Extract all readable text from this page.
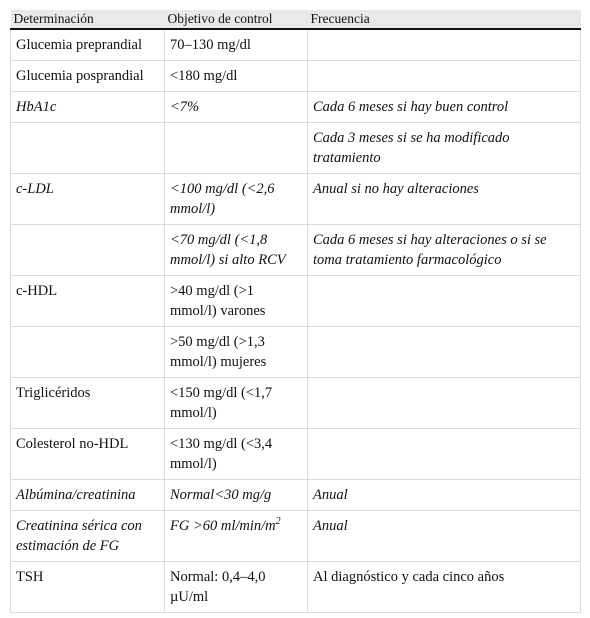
Determinación	Objetivo de control	Frecuencia
Glucemia preprandial	70–130 mg/dl	
Glucemia posprandial	<180 mg/dl	
HbA1c	<7%	Cada 6 meses si hay buen control
		Cada 3 meses si se ha modificado tratamiento
c-LDL	<100 mg/dl (<2,6 mmol/l)	Anual si no hay alteraciones
	<70 mg/dl (<1,8 mmol/l) si alto RCV	Cada 6 meses si hay alteraciones o si se toma tratamiento farmacológico
c-HDL	>40 mg/dl (>1 mmol/l) varones	
	>50 mg/dl (>1,3 mmol/l) mujeres	
Triglicéridos	<150 mg/dl (<1,7 mmol/l)	
Colesterol no-HDL	<130 mg/dl (<3,4 mmol/l)	
Albúmina/creatinina	Normal<30 mg/g	Anual
Creatinina sérica con estimación de FG	FG >60 $ml/\min/m^2$	Anual
TSH	Normal: 0,4–4,0 µU/ml	Al diagnóstico y cada cinco años
